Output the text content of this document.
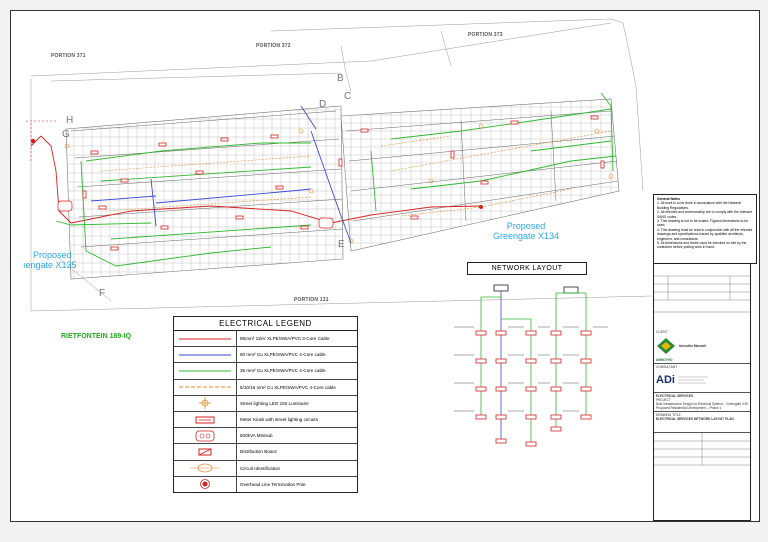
PORTION 371
PORTION 372
PORTION 373
PORTION 131
B
C
D
E
F
G
H
Proposed
ıengate X135
Proposed
Greengate X134
RIETFONTEIN 189-IQ
ELECTRICAL LEGEND
95mm² 11kV XLPE/SWA/PVC 3-Core Cable
50 mm² Cu XLPE/SWA/PVC 4-Core cable
35 mm² Cu XLPE/SWA/PVC 4-Core cable
6/10/16 mm² Cu XLPE/SWA/PVC 4-Core cable
Street lighting LED 150 Luminaire
Meter Kiosk with street lighting circuits
500kVA Minisub
Distribution Board
Circuit Identification
Overhead Line Termination Pole
NETWORK LAYOUT
General Notes
1. All work is to be done in accordance with the National Building Regulations.
2. All relevant and workmanship are to comply with the relevant SANS codes.
3. This drawing is not to be scaled. Figured dimensions to be used.
4. This drawing must be read in conjunction with all the relevant drawings and specifications issued by qualified architects, engineers, and consultants.
5. All dimensions and levels must be checked on site by the contractor before putting work in hand.
CLIENT
Umnotho Maxwell
UMNOTHO
CONSULTANT
ADi
ELECTRICAL SERVICES
PROJECT
Bulk Infrastructure Design for Electrical System – Greengate X35 Proposed Residential Development – Phase 1
DRAWING TITLE
ELECTRICAL SERVICES NETWORK LAYOUT PLAN
